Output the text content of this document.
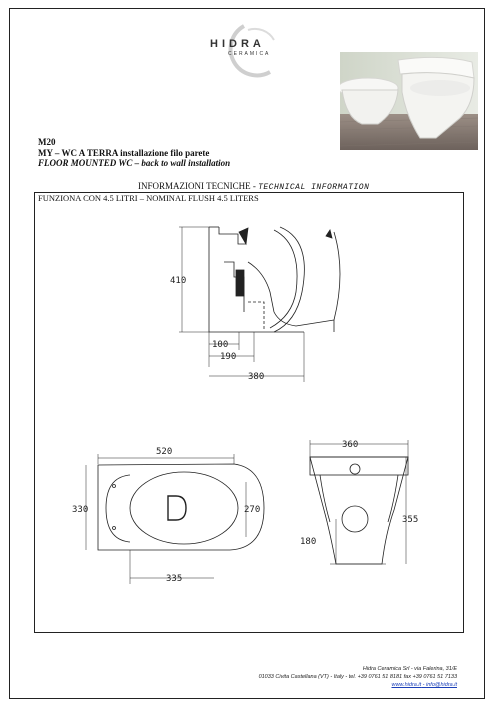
HIDRA
CERAMICA
M20
MY – WC A TERRA installazione filo parete
FLOOR MOUNTED WC – back to wall installation
INFORMAZIONI TECNICHE - TECHNICAL INFORMATION
410
100
190
380
520
330	270
335
360
355
180
FUNZIONA CON 4.5 LITRI – NOMINAL FLUSH 4.5 LITERS
Hidra Ceramica Srl - via Falerina, 31/E
01033 Civita Castellana (VT) - Italy - tel. +39 0761 51 8181 fax +39 0761 51 7133
www.hidra.it - info@hidra.it
